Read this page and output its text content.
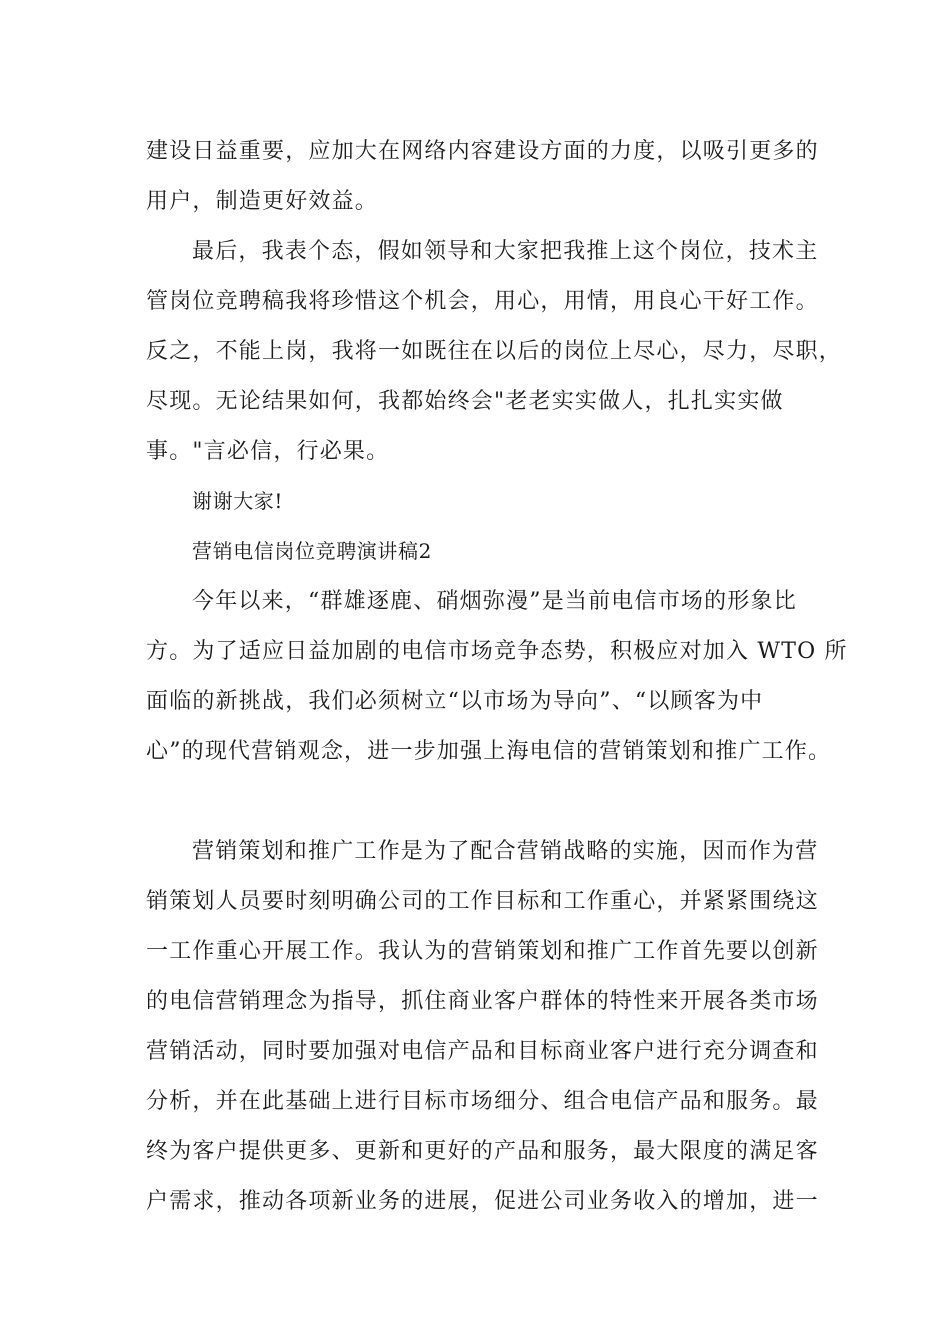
建设日益重要，应加大在网络内容建设方面的力度，以吸引更多的
用户，制造更好效益。
最后，我表个态，假如领导和大家把我推上这个岗位，技术主
管岗位竞聘稿我将珍惜这个机会，用心，用情，用良心干好工作。
反之，不能上岗，我将一如既往在以后的岗位上尽心，尽力，尽职，
尽现。无论结果如何，我都始终会"老老实实做人，扎扎实实做
事。"言必信，行必果。
谢谢大家!
营销电信岗位竞聘演讲稿2
今年以来，“群雄逐鹿、硝烟弥漫”是当前电信市场的形象比
方。为了适应日益加剧的电信市场竞争态势，积极应对加入 WTO 所
面临的新挑战，我们必须树立“以市场为导向”、“以顾客为中
心”的现代营销观念，进一步加强上海电信的营销策划和推广工作。
营销策划和推广工作是为了配合营销战略的实施，因而作为营
销策划人员要时刻明确公司的工作目标和工作重心，并紧紧围绕这
一工作重心开展工作。我认为的营销策划和推广工作首先要以创新
的电信营销理念为指导，抓住商业客户群体的特性来开展各类市场
营销活动，同时要加强对电信产品和目标商业客户进行充分调查和
分析，并在此基础上进行目标市场细分、组合电信产品和服务。最
终为客户提供更多、更新和更好的产品和服务，最大限度的满足客
户需求，推动各项新业务的进展，促进公司业务收入的增加，进一
